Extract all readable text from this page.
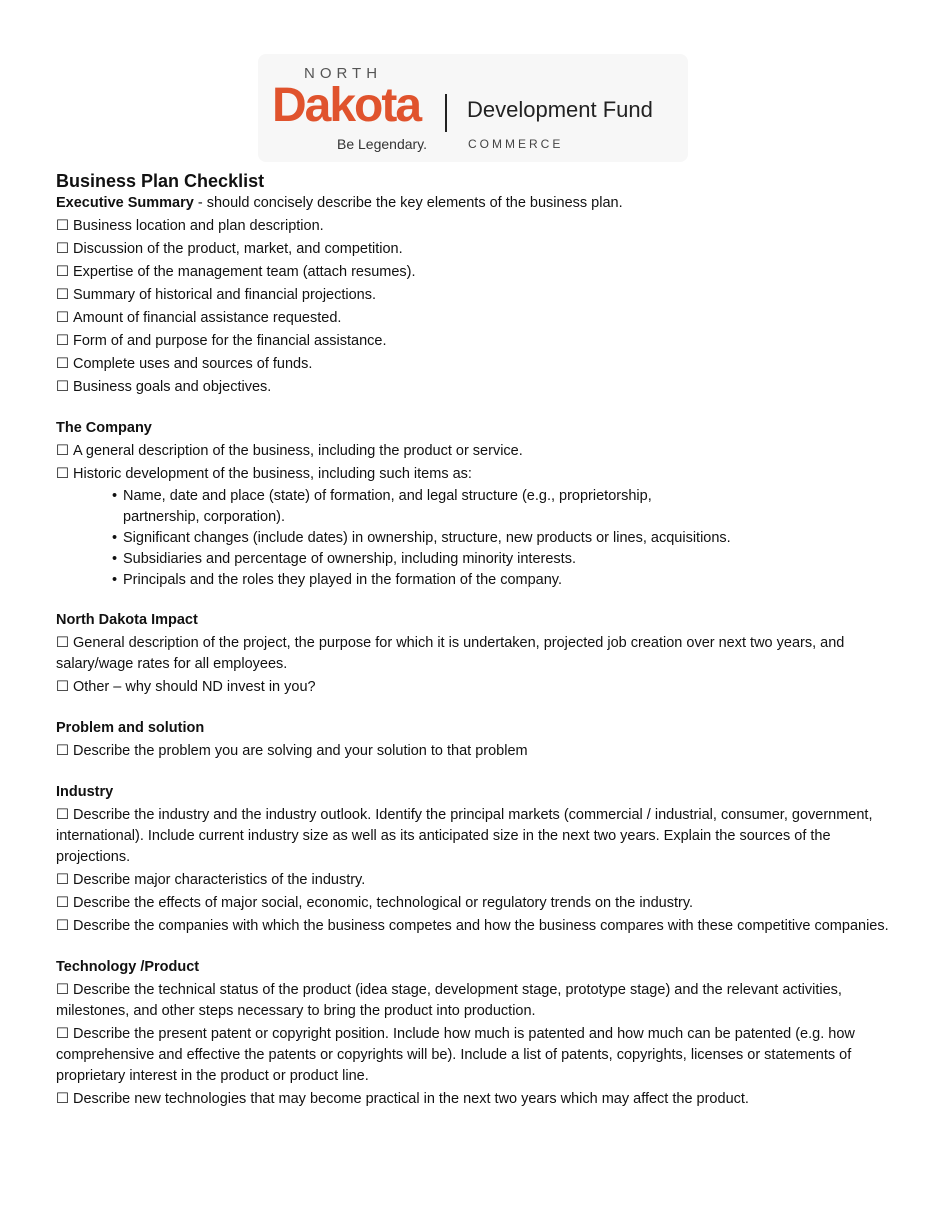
NORTH
Dakota
Be Legendary.
Development Fund
COMMERCE
Business Plan Checklist

Executive Summary - should concisely describe the key elements of the business plan.

☐ Business location and plan description.

☐ Discussion of the product, market, and competition.

☐ Expertise of the management team (attach resumes).

☐ Summary of historical and financial projections.

☐ Amount of financial assistance requested.

☐ Form of and purpose for the financial assistance.

☐ Complete uses and sources of funds.

☐ Business goals and objectives.

The Company

☐ A general description of the business, including the product or service.

☐ Historic development of the business, including such items as:

• Name, date and place (state) of formation, and legal structure (e.g., proprietorship, partnership, corporation).
• Significant changes (include dates) in ownership, structure, new products or lines, acquisitions.
• Subsidiaries and percentage of ownership, including minority interests.
• Principals and the roles they played in the formation of the company.

North Dakota Impact

☐ General description of the project, the purpose for which it is undertaken, projected job creation over next two years, and salary/wage rates for all employees.

☐ Other – why should ND invest in you?

Problem and solution

☐ Describe the problem you are solving and your solution to that problem

Industry

☐ Describe the industry and the industry outlook. Identify the principal markets (commercial / industrial, consumer, government, international). Include current industry size as well as its anticipated size in the next two years. Explain the sources of the projections.

☐ Describe major characteristics of the industry.

☐ Describe the effects of major social, economic, technological or regulatory trends on the industry.

☐ Describe the companies with which the business competes and how the business compares with these competitive companies.

Technology /Product

☐ Describe the technical status of the product (idea stage, development stage, prototype stage) and the relevant activities, milestones, and other steps necessary to bring the product into production.

☐ Describe the present patent or copyright position. Include how much is patented and how much can be patented (e.g. how comprehensive and effective the patents or copyrights will be). Include a list of patents, copyrights, licenses or statements of proprietary interest in the product or product line.

☐ Describe new technologies that may become practical in the next two years which may affect the product.
